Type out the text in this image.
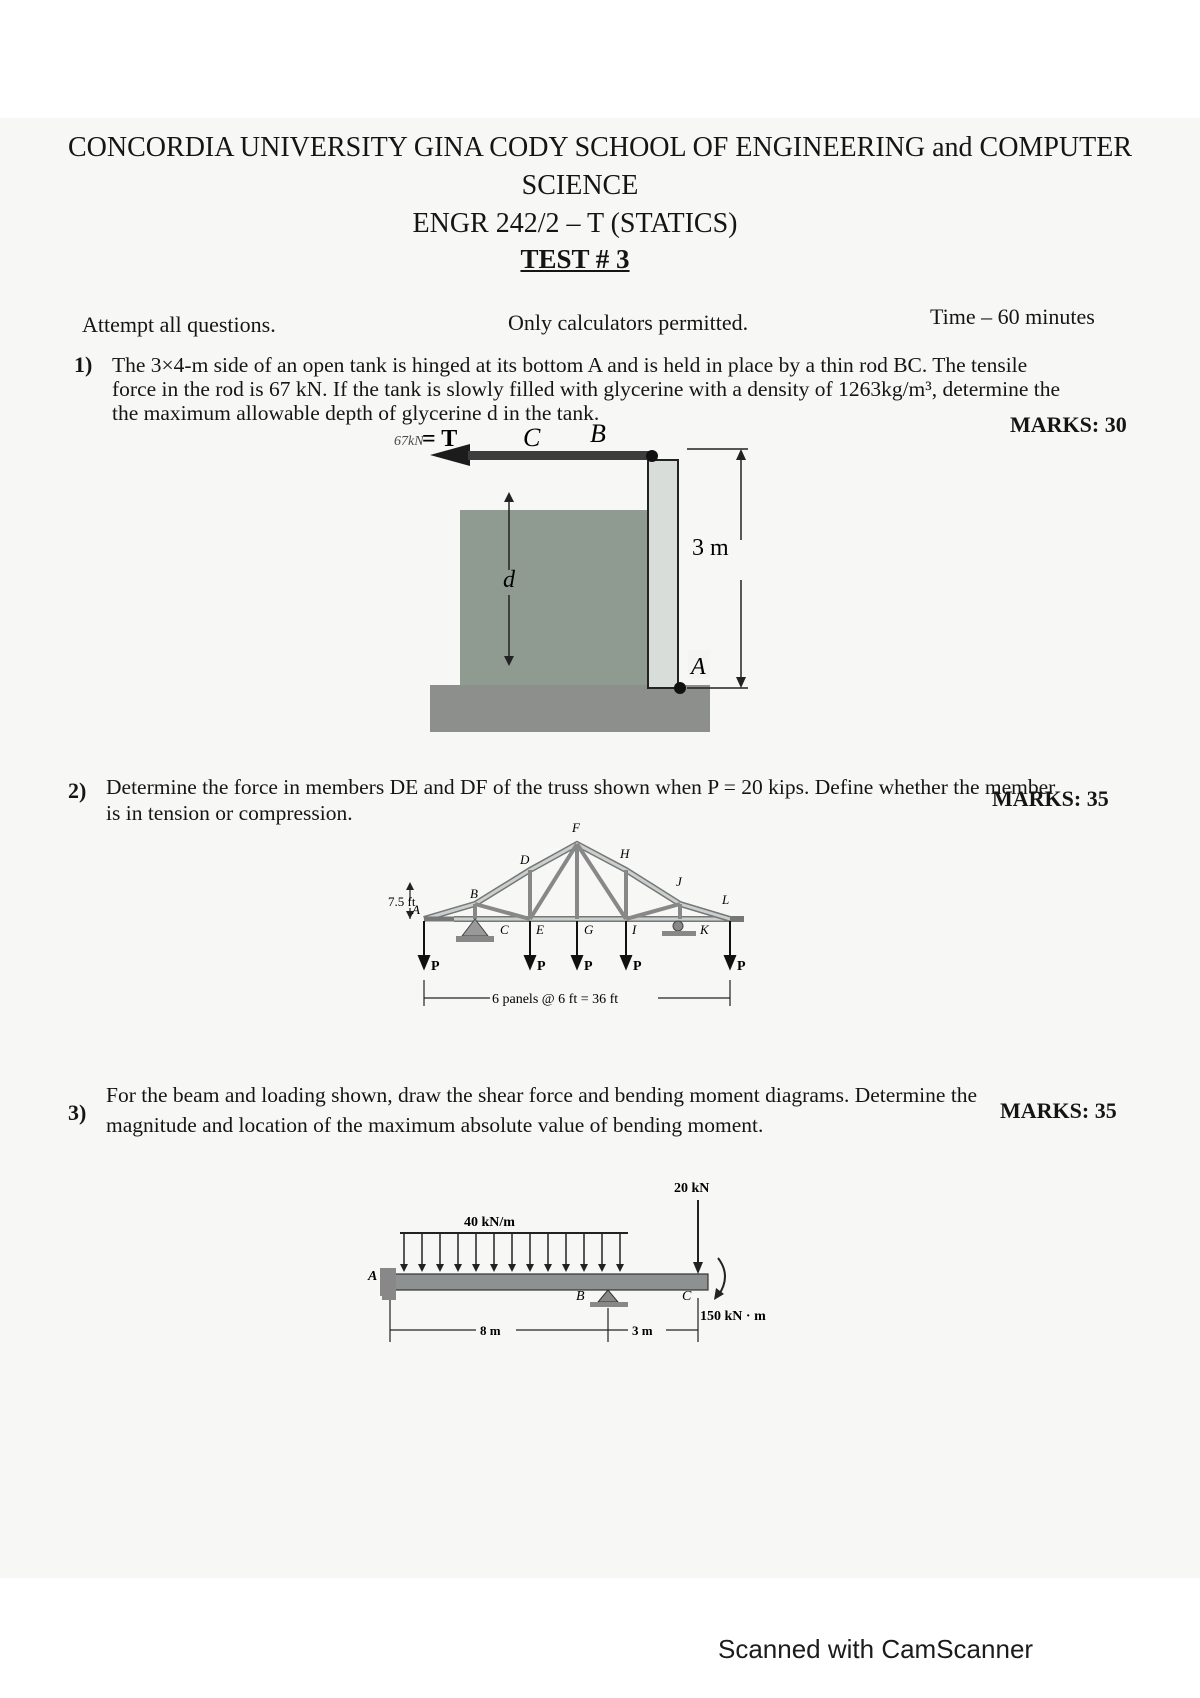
CONCORDIA UNIVERSITY GINA CODY SCHOOL OF ENGINEERING and COMPUTER
SCIENCE
ENGR 242/2 – T (STATICS)
TEST # 3
Attempt all questions.	Only calculators permitted.	Time – 60 minutes
1) The 3×4-m side of an open tank is hinged at its bottom A and is held in place by a thin rod BC. The tensile
force in the rod is 67 kN. If the tank is slowly filled with glycerine with a density of 1263kg/m³, determine the
the maximum allowable depth of glycerine d in the tank.	MARKS: 30
67kN
= T	C B
d
3 m
A
2) Determine the force in members DE and DF of the truss shown when P = 20 kips. Define whether the member
is in tension or compression.
MARKS: 35
P	P	P	P	P
7.5 ft
6 panels @ 6 ft = 36 ft
A
B
C
D
E
F
G
H
I
J
K
L
3)
For the beam and loading shown, draw the shear force and bending moment diagrams. Determine the
magnitude and location of the maximum absolute value of bending moment.
MARKS: 35
40 kN/m
20 kN
150 kN · m
A
B	C
8 m	3 m
Scanned with CamScanner
